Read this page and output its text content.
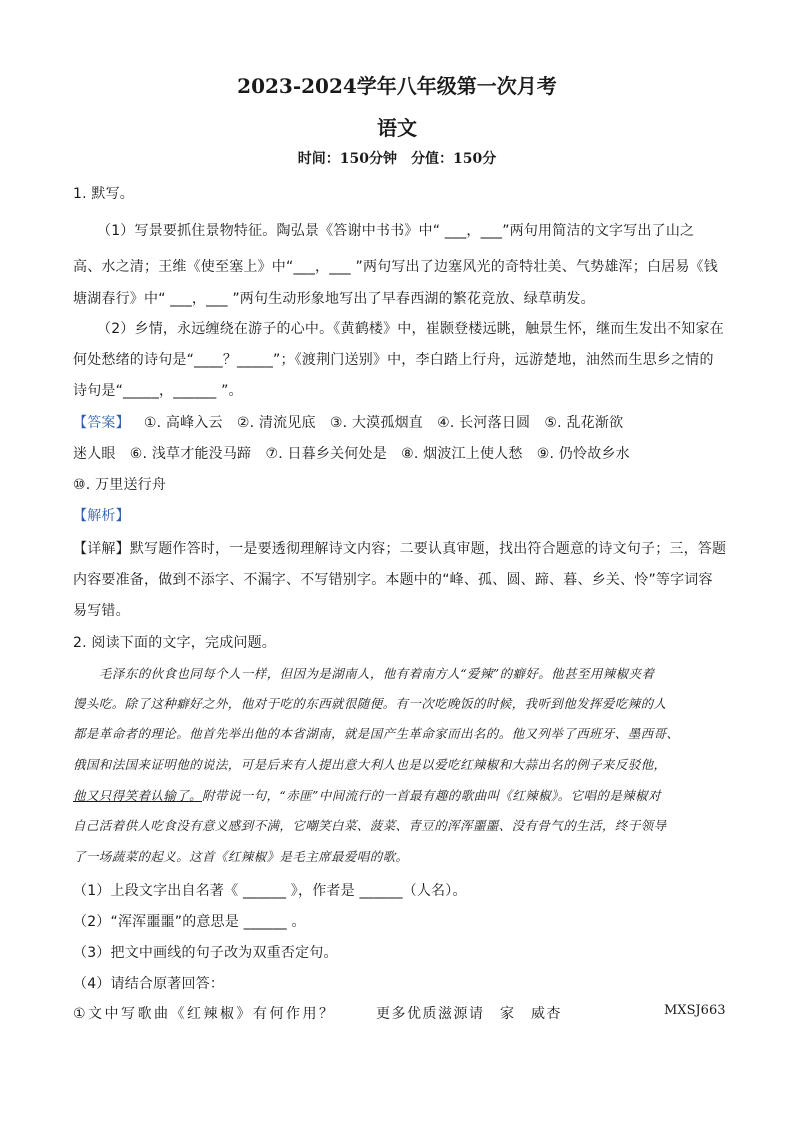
2023-2024学年八年级第一次月考
语文
时间：150分钟　分值：150分
1. 默写。
（1）写景要抓住景物特征。陶弘景《答谢中书书》中“ ___，___”两句用简洁的文字写出了山之
高、水之清；王维《使至塞上》中“___，___ ”两句写出了边塞风光的奇特壮美、气势雄浑；白居易《钱
塘湖春行》中“ ___，___ ”两句生动形象地写出了早春西湖的繁花竞放、绿草萌发。
（2）乡情，永远缠绕在游子的心中。《黄鹤楼》中，崔颢登楼远眺，触景生怀，继而生发出不知家在
何处愁绪的诗句是“____？_____”；《渡荆门送别》中，李白踏上行舟，远游楚地，油然而生思乡之情的
诗句是“_____，______ ”。
【答案】 ①. 高峰入云　②. 清流见底　③. 大漠孤烟直　④. 长河落日圆　⑤. 乱花渐欲
迷人眼　⑥. 浅草才能没马蹄　⑦. 日暮乡关何处是　⑧. 烟波江上使人愁　⑨. 仍怜故乡水
⑩. 万里送行舟
【解析】
【详解】默写题作答时，一是要透彻理解诗文内容；二要认真审题，找出符合题意的诗文句子；三，答题
内容要准备，做到不添字、不漏字、不写错别字。本题中的“峰、孤、圆、蹄、暮、乡关、怜”等字词容
易写错。
2. 阅读下面的文字，完成问题。
毛泽东的伙食也同每个人一样，但因为是湖南人，他有着南方人“爱辣”的癖好。他甚至用辣椒夹着
馒头吃。除了这种癖好之外，他对于吃的东西就很随便。有一次吃晚饭的时候，我听到他发挥爱吃辣的人
都是革命者的理论。他首先举出他的本省湖南，就是国产生革命家而出名的。他又列举了西班牙、墨西哥、
俄国和法国来证明他的说法，可是后来有人提出意大利人也是以爱吃红辣椒和大蒜出名的例子来反驳他，
他又只得笑着认输了。附带说一句，“赤匪”中间流行的一首最有趣的歌曲叫《红辣椒》。它唱的是辣椒对
自己活着供人吃食没有意义感到不满，它嘲笑白菜、菠菜、青豆的浑浑噩噩、没有骨气的生活，终于领导
了一场蔬菜的起义。这首《红辣椒》是毛主席最爱唱的歌。
（1）上段文字出自名著《 ______ 》，作者是 ______（人名）。
（2）“浑浑噩噩”的意思是 ______ 。
（3）把文中画线的句子改为双重否定句。
（4）请结合原著回答：
①文中写歌曲《红辣椒》有何作用？	更多优质滋源请　家　威杏	MXSJ663
